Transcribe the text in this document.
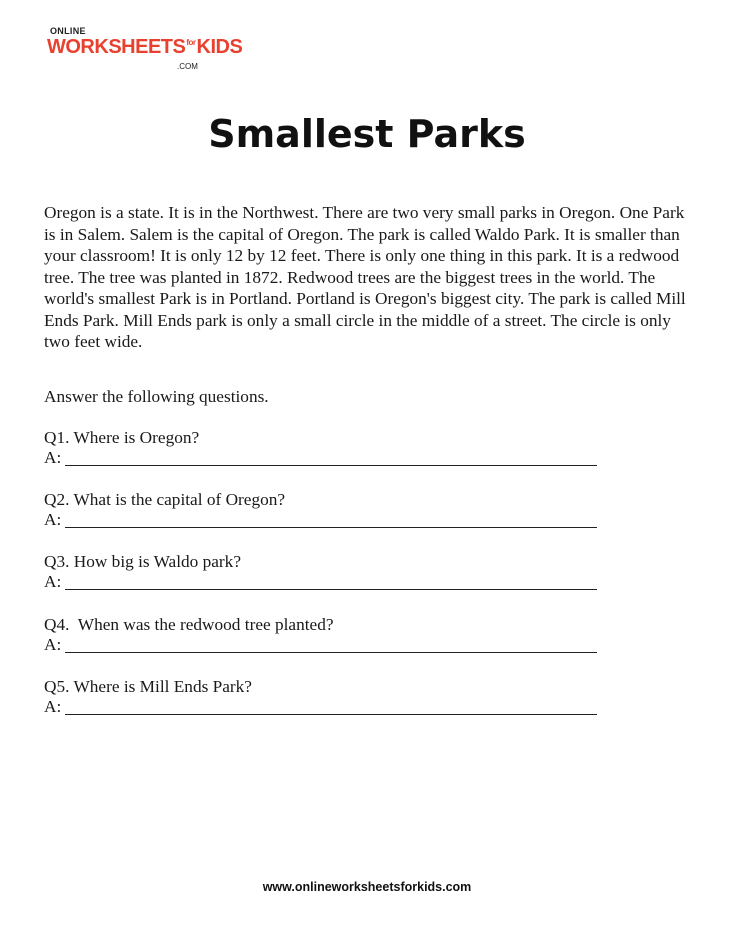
ONLINE
$WORKSHEETS^{for}KIDS$
.COM
Smallest Parks

Oregon is a state. It is in the Northwest. There are two very small parks in Oregon. One Park is in Salem. Salem is the capital of Oregon. The park is called Waldo Park. It is smaller than your classroom! It is only 12 by 12 feet. There is only one thing in this park. It is a redwood tree. The tree was planted in 1872. Redwood trees are the biggest trees in the world. The world's smallest Park is in Portland. Portland is Oregon's biggest city. The park is called Mill Ends Park. Mill Ends park is only a small circle in the middle of a street. The circle is only two feet wide.

Answer the following questions.

Q1. Where is Oregon?
A:
Q2. What is the capital of Oregon?
A:
Q3. How big is Waldo park?
A:
Q4.  When was the redwood tree planted?
A:
Q5. Where is Mill Ends Park?
A:
www.onlineworksheetsforkids.com
